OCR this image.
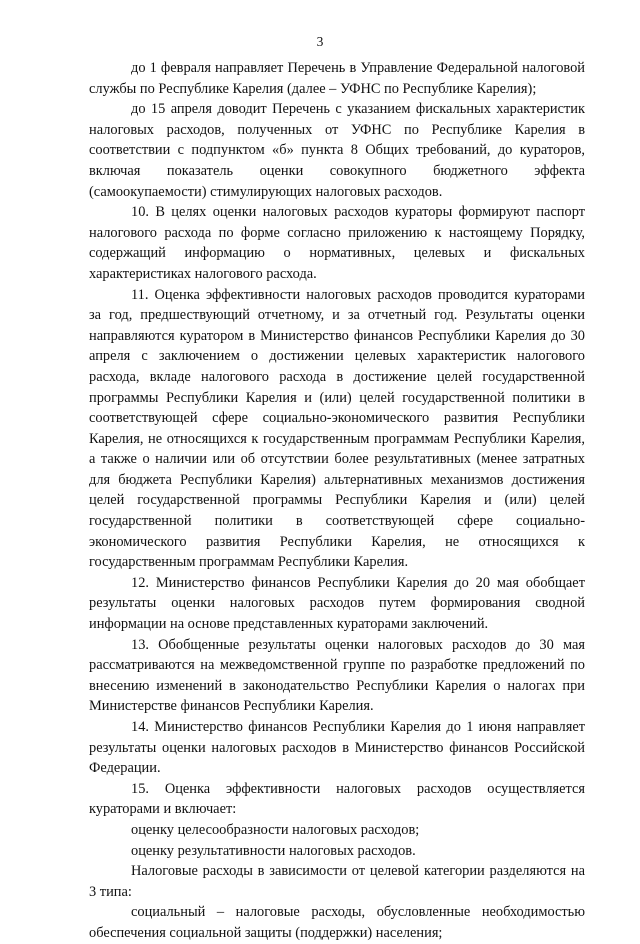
3

до 1 февраля направляет Перечень в Управление Федеральной налоговой службы по Республике Карелия (далее – УФНС по Республике Карелия);

до 15 апреля доводит Перечень с указанием фискальных характеристик налоговых расходов, полученных от УФНС по Республике Карелия в соответствии с подпунктом «б» пункта 8 Общих требований, до кураторов, включая показатель оценки совокупного бюджетного эффекта (самоокупаемости) стимулирующих налоговых расходов.

10. В целях оценки налоговых расходов кураторы формируют паспорт налогового расхода по форме согласно приложению к настоящему Порядку, содержащий информацию о нормативных, целевых и фискальных характеристиках налогового расхода.

11. Оценка эффективности налоговых расходов проводится кураторами за год, предшествующий отчетному, и за отчетный год. Результаты оценки направляются куратором в Министерство финансов Республики Карелия до 30 апреля с заключением о достижении целевых характеристик налогового расхода, вкладе налогового расхода в достижение целей государственной программы Республики Карелия и (или) целей государственной политики в соответствующей сфере социально-экономического развития Республики Карелия, не относящихся к государственным программам Республики Карелия, а также о наличии или об отсутствии более результативных (менее затратных для бюджета Республики Карелия) альтернативных механизмов достижения целей государственной программы Республики Карелия и (или) целей государственной политики в соответствующей сфере социально-экономического развития Республики Карелия, не относящихся к государственным программам Республики Карелия.

12. Министерство финансов Республики Карелия до 20 мая обобщает результаты оценки налоговых расходов путем формирования сводной информации на основе представленных кураторами заключений.

13. Обобщенные результаты оценки налоговых расходов до 30 мая рассматриваются на межведомственной группе по разработке предложений по внесению изменений в законодательство Республики Карелия о налогах при Министерстве финансов Республики Карелия.

14. Министерство финансов Республики Карелия до 1 июня направляет результаты оценки налоговых расходов в Министерство финансов Российской Федерации.

15. Оценка эффективности налоговых расходов осуществляется кураторами и включает:

оценку целесообразности налоговых расходов;

оценку результативности налоговых расходов.

Налоговые расходы в зависимости от целевой категории разделяются на 3 типа:

социальный – налоговые расходы, обусловленные необходимостью обеспечения социальной защиты (поддержки) населения;
